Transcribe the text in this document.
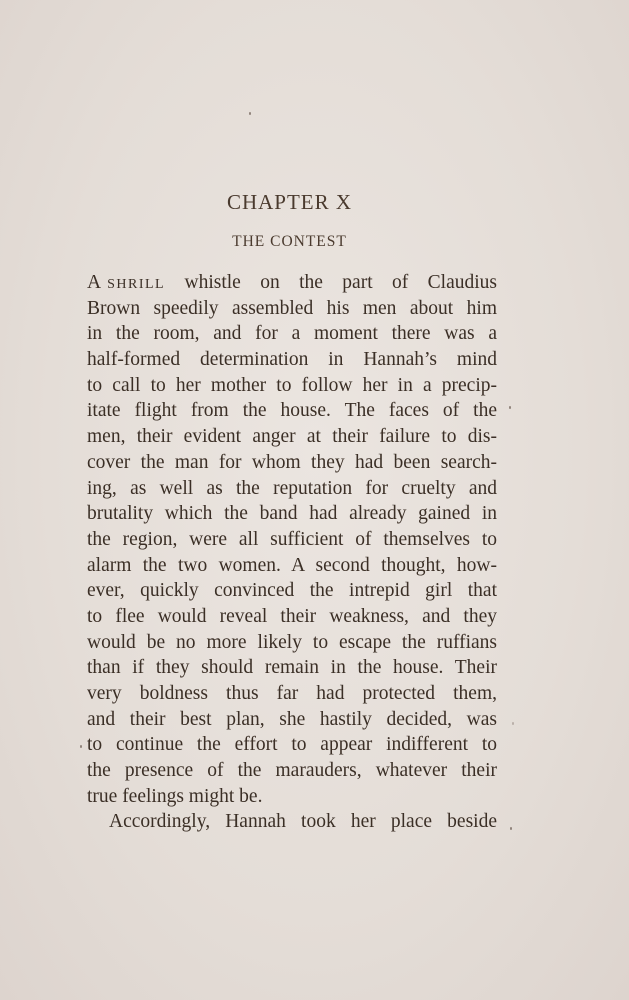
CHAPTER X
THE CONTEST
A shrill whistle on the part of Claudius
Brown speedily assembled his men about him
in the room, and for a moment there was a
half-formed determination in Hannah’s mind
to call to her mother to follow her in a precip-
itate flight from the house. The faces of the
men, their evident anger at their failure to dis-
cover the man for whom they had been search-
ing, as well as the reputation for cruelty and
brutality which the band had already gained in
the region, were all sufficient of themselves to
alarm the two women. A second thought, how-
ever, quickly convinced the intrepid girl that
to flee would reveal their weakness, and they
would be no more likely to escape the ruffians
than if they should remain in the house. Their
very boldness thus far had protected them,
and their best plan, she hastily decided, was
to continue the effort to appear indifferent to
the presence of the marauders, whatever their
true feelings might be.
Accordingly, Hannah took her place beside
